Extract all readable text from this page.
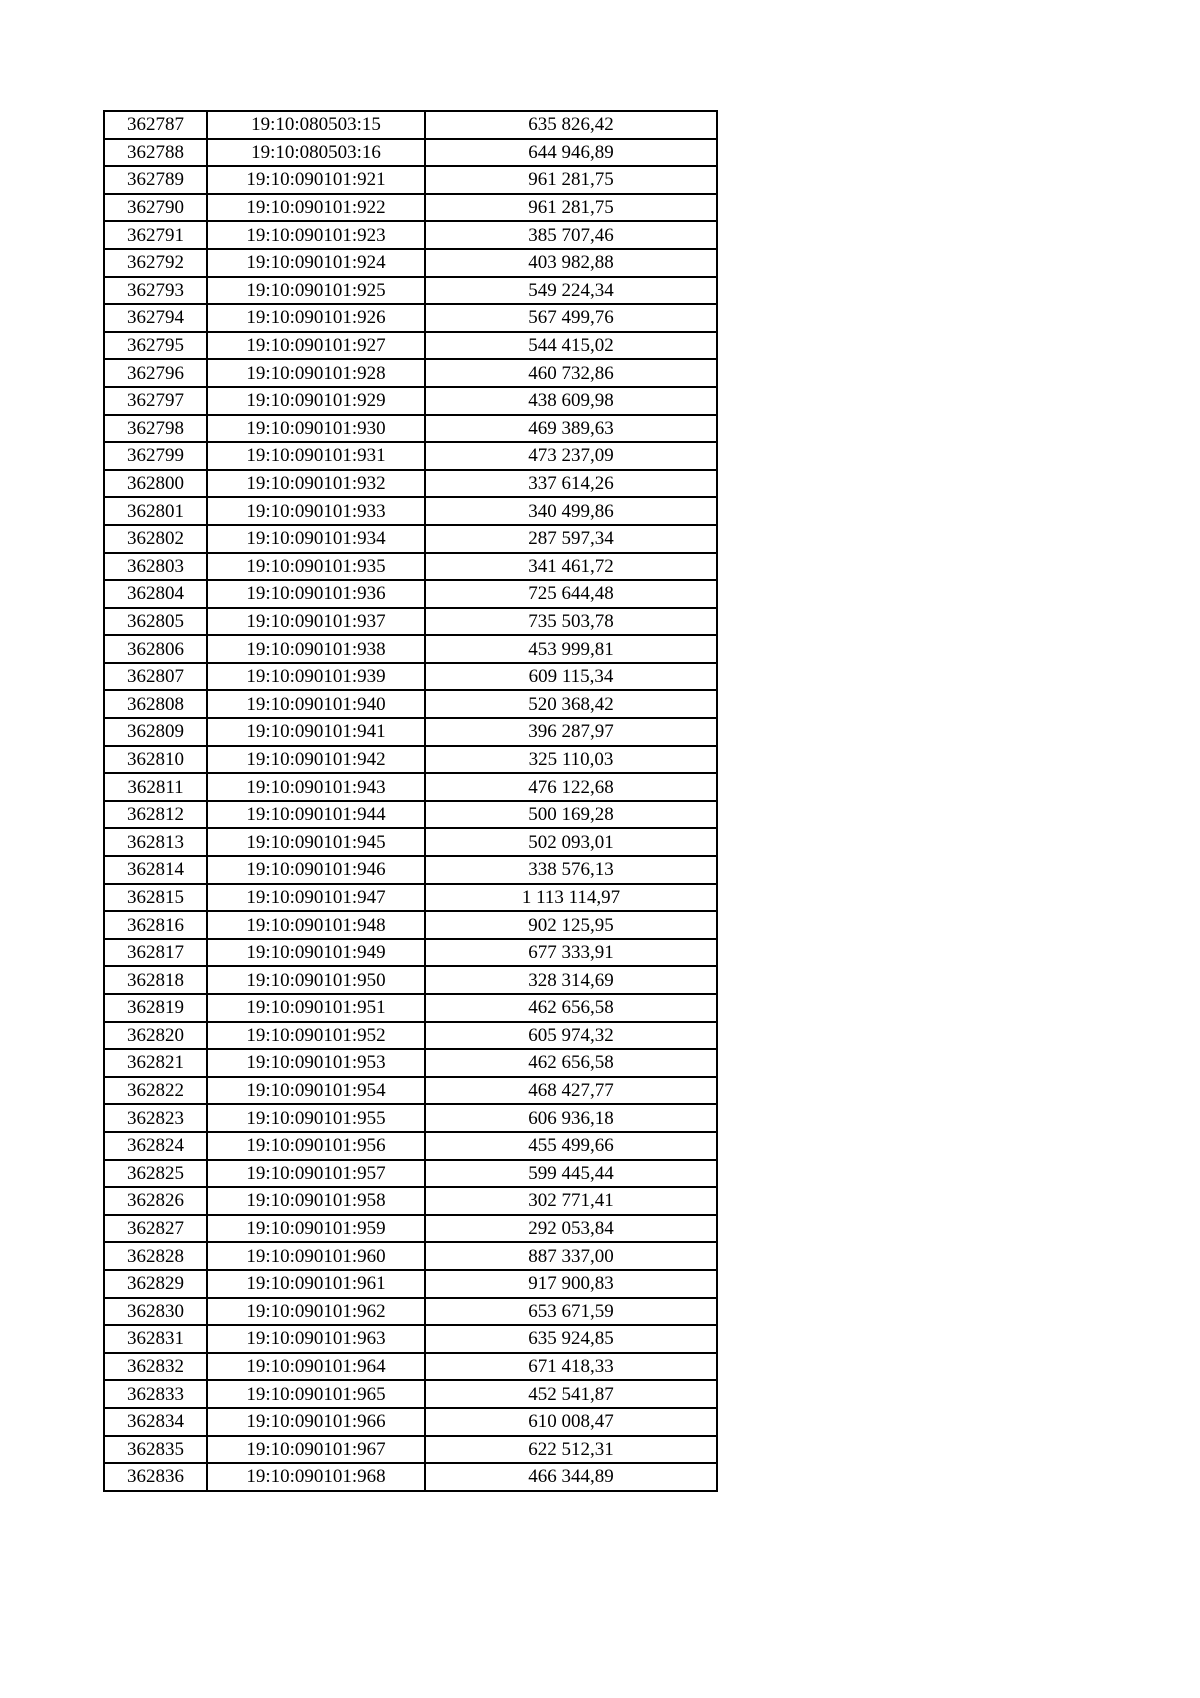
362787	19:10:080503:15	635 826,42
362788	19:10:080503:16	644 946,89
362789	19:10:090101:921	961 281,75
362790	19:10:090101:922	961 281,75
362791	19:10:090101:923	385 707,46
362792	19:10:090101:924	403 982,88
362793	19:10:090101:925	549 224,34
362794	19:10:090101:926	567 499,76
362795	19:10:090101:927	544 415,02
362796	19:10:090101:928	460 732,86
362797	19:10:090101:929	438 609,98
362798	19:10:090101:930	469 389,63
362799	19:10:090101:931	473 237,09
362800	19:10:090101:932	337 614,26
362801	19:10:090101:933	340 499,86
362802	19:10:090101:934	287 597,34
362803	19:10:090101:935	341 461,72
362804	19:10:090101:936	725 644,48
362805	19:10:090101:937	735 503,78
362806	19:10:090101:938	453 999,81
362807	19:10:090101:939	609 115,34
362808	19:10:090101:940	520 368,42
362809	19:10:090101:941	396 287,97
362810	19:10:090101:942	325 110,03
362811	19:10:090101:943	476 122,68
362812	19:10:090101:944	500 169,28
362813	19:10:090101:945	502 093,01
362814	19:10:090101:946	338 576,13
362815	19:10:090101:947	1 113 114,97
362816	19:10:090101:948	902 125,95
362817	19:10:090101:949	677 333,91
362818	19:10:090101:950	328 314,69
362819	19:10:090101:951	462 656,58
362820	19:10:090101:952	605 974,32
362821	19:10:090101:953	462 656,58
362822	19:10:090101:954	468 427,77
362823	19:10:090101:955	606 936,18
362824	19:10:090101:956	455 499,66
362825	19:10:090101:957	599 445,44
362826	19:10:090101:958	302 771,41
362827	19:10:090101:959	292 053,84
362828	19:10:090101:960	887 337,00
362829	19:10:090101:961	917 900,83
362830	19:10:090101:962	653 671,59
362831	19:10:090101:963	635 924,85
362832	19:10:090101:964	671 418,33
362833	19:10:090101:965	452 541,87
362834	19:10:090101:966	610 008,47
362835	19:10:090101:967	622 512,31
362836	19:10:090101:968	466 344,89
